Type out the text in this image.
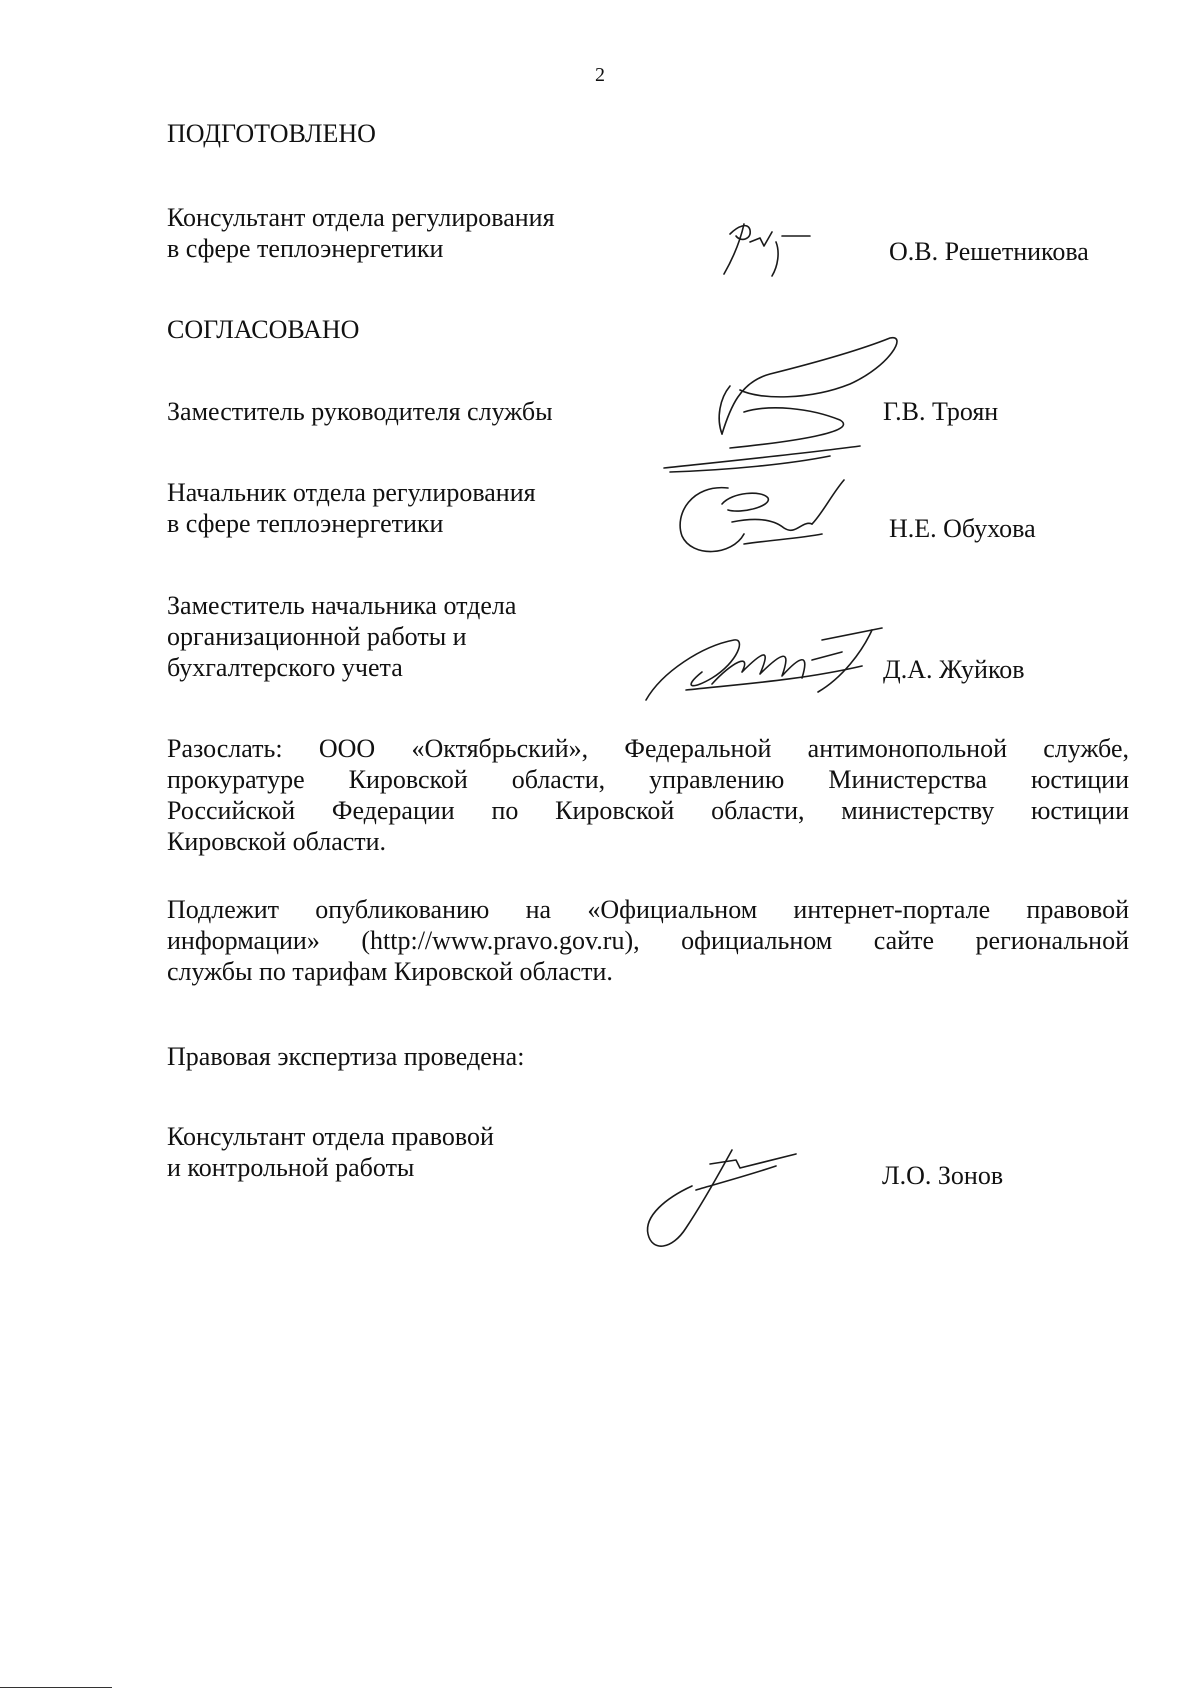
2
ПОДГОТОВЛЕНО
Консультант отдела регулирования
в сфере теплоэнергетики	О.В. Решетникова
СОГЛАСОВАНО
Заместитель руководителя службы	Г.В. Троян
Начальник отдела регулирования
в сфере теплоэнергетики	Н.Е. Обухова
Заместитель начальника отдела
организационной работы и
бухгалтерского учета	Д.А. Жуйков
Разослать: ООО «Октябрьский», Федеральной антимонопольной службе,
прокуратуре Кировской области, управлению Министерства юстиции
Российской Федерации по Кировской области, министерству юстиции
Кировской области.
Подлежит опубликованию на «Официальном интернет-портале правовой
информации» (http://www.pravo.gov.ru), официальном сайте региональной
службы по тарифам Кировской области.
Правовая экспертиза проведена:
Консультант отдела правовой
и контрольной работы	Л.О. Зонов
